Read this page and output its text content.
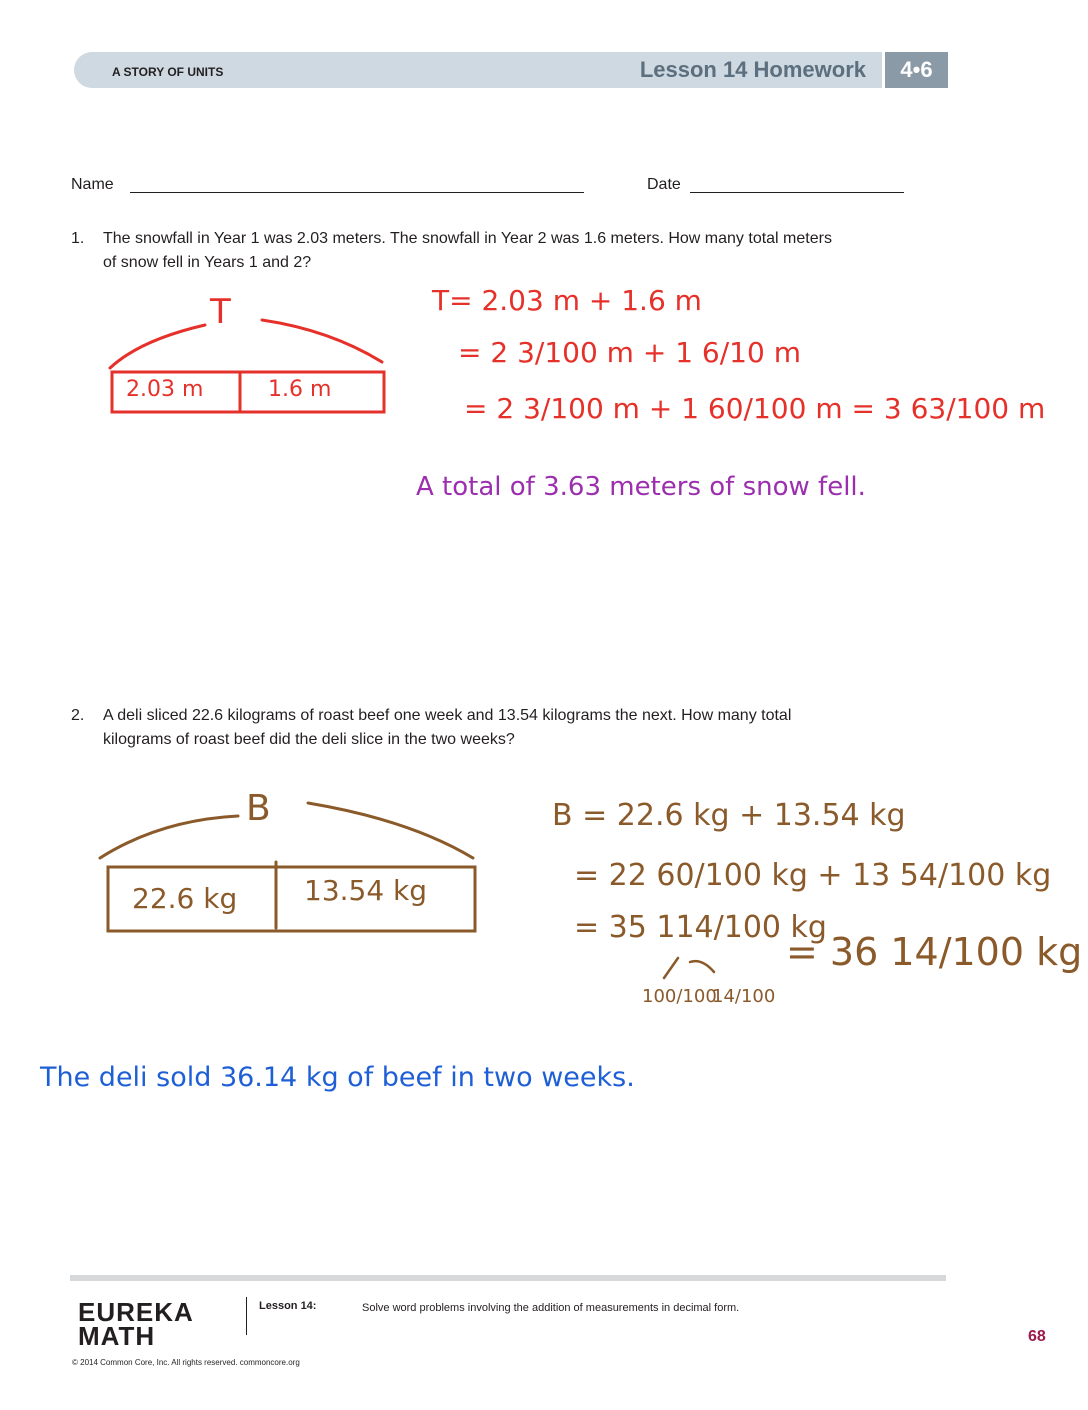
A STORY OF UNITS	Lesson 14 Homework	4•6
Name	Date
1. The snowfall in Year 1 was 2.03 meters. The snowfall in Year 2 was 1.6 meters. How many total meters
of snow fell in Years 1 and 2?
2. A deli sliced 22.6 kilograms of roast beef one week and 13.54 kilograms the next. How many total
kilograms of roast beef did the deli slice in the two weeks?
T
2.03 m	1.6 m
T= 2.03 m + 1.6 m
= 2 3/100 m + 1 6/10 m
= 2 3/100 m + 1 60/100 m = 3 63/100 m
A total of 3.63 meters of snow fell.
B
22.6 kg 13.54 kg
B = 22.6 kg + 13.54 kg
= 22 60/100 kg + 13 54/100 kg
= 35 114/100 kg
= 36 14/100 kg
100/100
14/100
The deli sold 36.14 kg of beef in two weeks.
EUREKA
MATH
Lesson 14:	Solve word problems involving the addition of measurements in decimal form.
68
© 2014 Common Core, Inc. All rights reserved. commoncore.org
